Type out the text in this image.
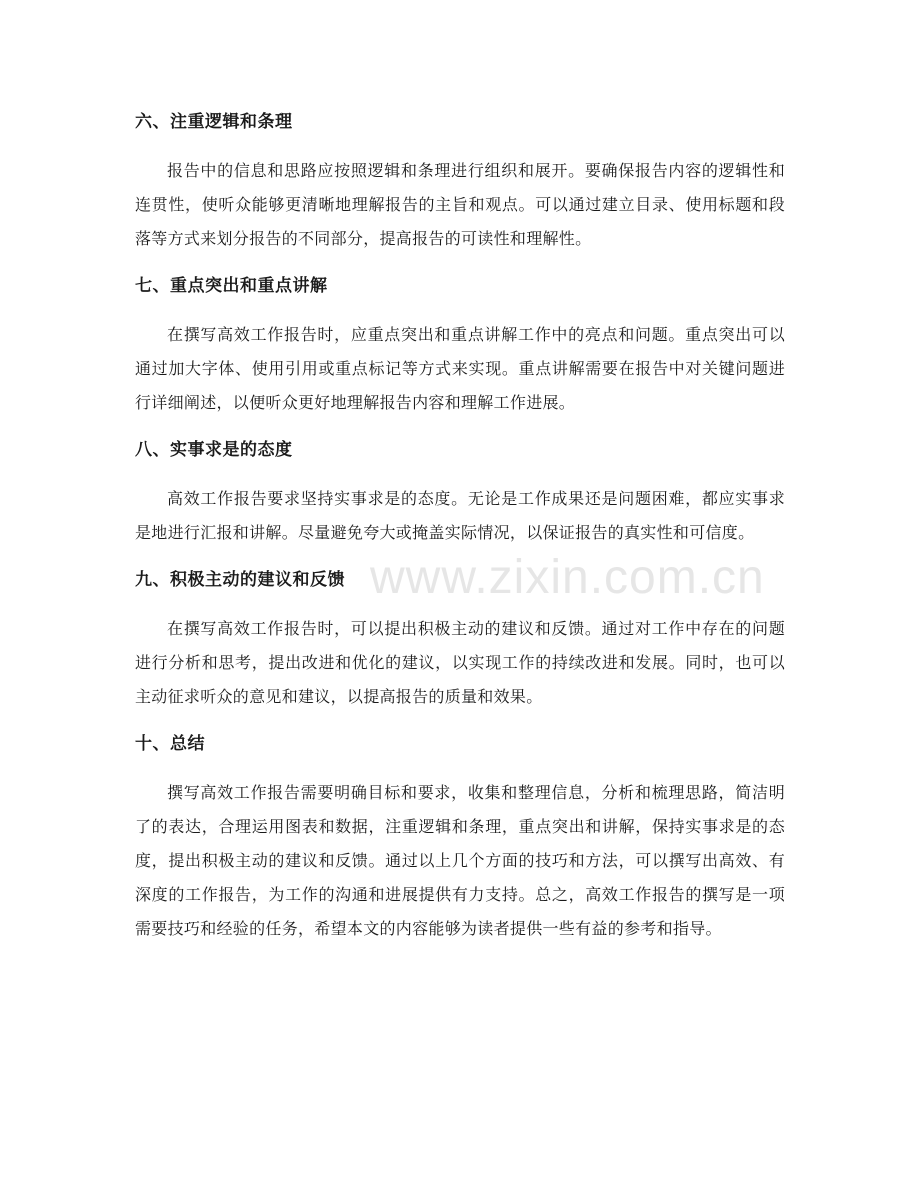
www.zixin.com.cn
六、注重逻辑和条理

报告中的信息和思路应按照逻辑和条理进行组织和展开。要确保报告内容的逻辑性和连贯性，使听众能够更清晰地理解报告的主旨和观点。可以通过建立目录、使用标题和段落等方式来划分报告的不同部分，提高报告的可读性和理解性。

七、重点突出和重点讲解

在撰写高效工作报告时，应重点突出和重点讲解工作中的亮点和问题。重点突出可以通过加大字体、使用引用或重点标记等方式来实现。重点讲解需要在报告中对关键问题进行详细阐述，以便听众更好地理解报告内容和理解工作进展。

八、实事求是的态度

高效工作报告要求坚持实事求是的态度。无论是工作成果还是问题困难，都应实事求是地进行汇报和讲解。尽量避免夸大或掩盖实际情况，以保证报告的真实性和可信度。

九、积极主动的建议和反馈

在撰写高效工作报告时，可以提出积极主动的建议和反馈。通过对工作中存在的问题进行分析和思考，提出改进和优化的建议，以实现工作的持续改进和发展。同时，也可以主动征求听众的意见和建议，以提高报告的质量和效果。

十、总结

撰写高效工作报告需要明确目标和要求，收集和整理信息，分析和梳理思路，简洁明了的表达，合理运用图表和数据，注重逻辑和条理，重点突出和讲解，保持实事求是的态度，提出积极主动的建议和反馈。通过以上几个方面的技巧和方法，可以撰写出高效、有深度的工作报告，为工作的沟通和进展提供有力支持。总之，高效工作报告的撰写是一项需要技巧和经验的任务，希望本文的内容能够为读者提供一些有益的参考和指导。
